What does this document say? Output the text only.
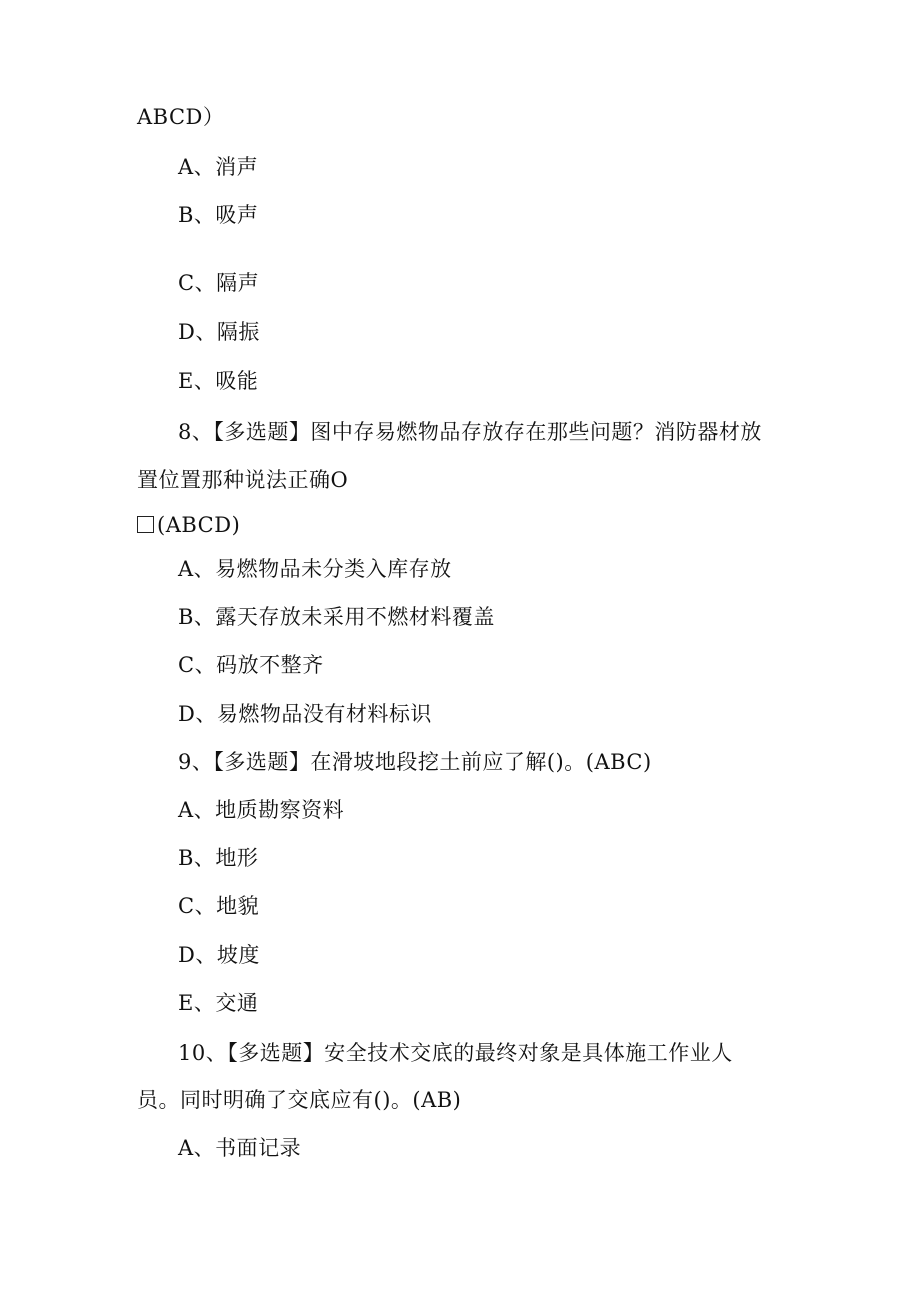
ABCD）
A、消声
B、吸声
C、隔声
D、隔振
E、吸能
8、【多选题】图中存易燃物品存放存在那些问题？消防器材放
置位置那种说法正确O
(ABCD)
A、易燃物品未分类入库存放
B、露天存放未采用不燃材料覆盖
C、码放不整齐
D、易燃物品没有材料标识
9、【多选题】在滑坡地段挖土前应了解()。(ABC)
A、地质勘察资料
B、地形
C、地貌
D、坡度
E、交通
10、【多选题】安全技术交底的最终对象是具体施工作业人
员。同时明确了交底应有()。(AB)
A、书面记录
